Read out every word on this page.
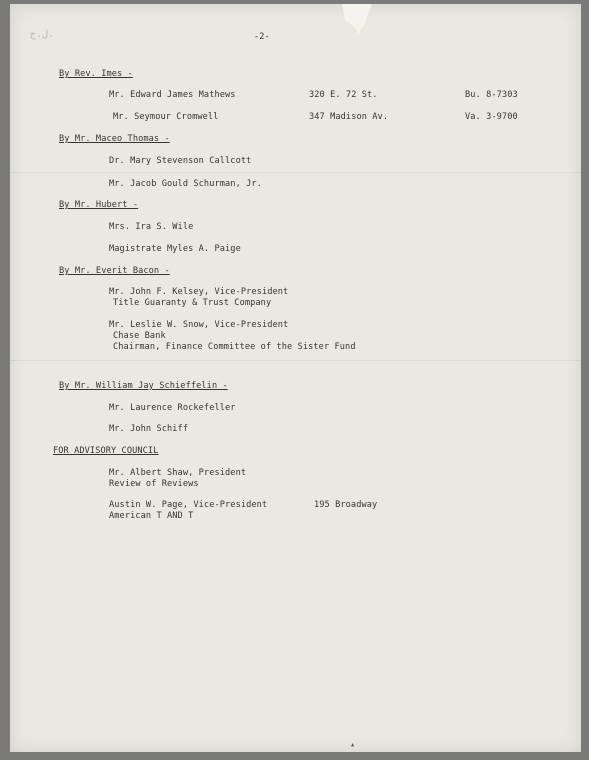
ل.ج.	-2-
By Rev. Imes -
Mr. Edward James Mathews	320 E. 72 St.	Bu. 8-7303
Mr. Seymour Cromwell	347 Madison Av.	Va. 3-9700
By Mr. Maceo Thomas -
Dr. Mary Stevenson Callcott
Mr. Jacob Gould Schurman, Jr.
By Mr. Hubert -
Mrs. Ira S. Wile
Magistrate Myles A. Paige
By Mr. Everit Bacon -
Mr. John F. Kelsey, Vice-President
Title Guaranty & Trust Company
Mr. Leslie W. Snow, Vice-President
Chase Bank
Chairman, Finance Committee of the Sister Fund
By Mr. William Jay Schieffelin -
Mr. Laurence Rockefeller
Mr. John Schiff
FOR ADVISORY COUNCIL
Mr. Albert Shaw, President
Review of Reviews
Austin W. Page, Vice-President	195 Broadway
American T AND T
▴
